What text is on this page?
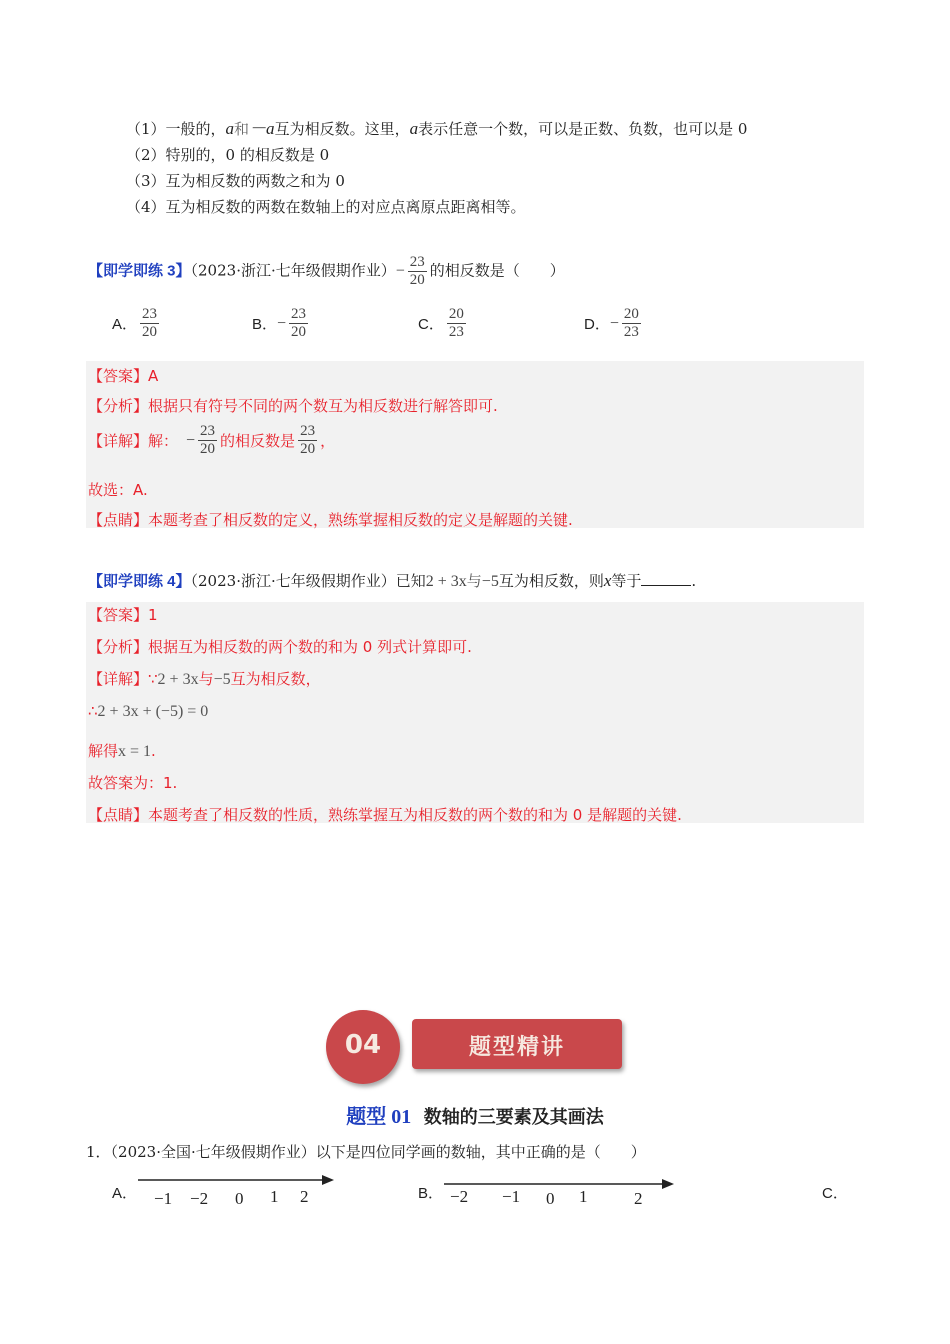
（1）一般的，a和－a互为相反数。这里，a表示任意一个数，可以是正数、负数，也可以是 0
（2）特别的，0 的相反数是 0
（3）互为相反数的两数之和为 0
（4）互为相反数的两数在数轴上的对应点离原点距离相等。
【即学即练 3】（2023·浙江·七年级假期作业）− $\frac{23}{20}$ 的相反数是（　　）
A． $\frac{23}{20}$	B． − $\frac{23}{20}$	C． $\frac{20}{23}$	D． − $\frac{20}{23}$
【答案】A
【分析】根据只有符号不同的两个数互为相反数进行解答即可.
【详解】解： − $\frac{23}{20}$ 的相反数是 $\frac{23}{20}$ ，
故选：A.
【点睛】本题考查了相反数的定义，熟练掌握相反数的定义是解题的关键.
【即学即练 4】（2023·浙江·七年级假期作业）已知2 + 3x与−5互为相反数，则x等于	.
【答案】1
【分析】根据互为相反数的两个数的和为 0 列式计算即可.
【详解】∵2 + 3x与−5互为相反数，
∴2 + 3x + (−5) = 0
解得x = 1.
故答案为：1.
【点睛】本题考查了相反数的性质，熟练掌握互为相反数的两个数的和为 0 是解题的关键.
04	题型精讲
题型 01 数轴的三要素及其画法
1．（2023·全国·七年级假期作业）以下是四位同学画的数轴，其中正确的是（　　）
A． −1 −2 0 1 2	B． −2 −1 0 1	2	C．
